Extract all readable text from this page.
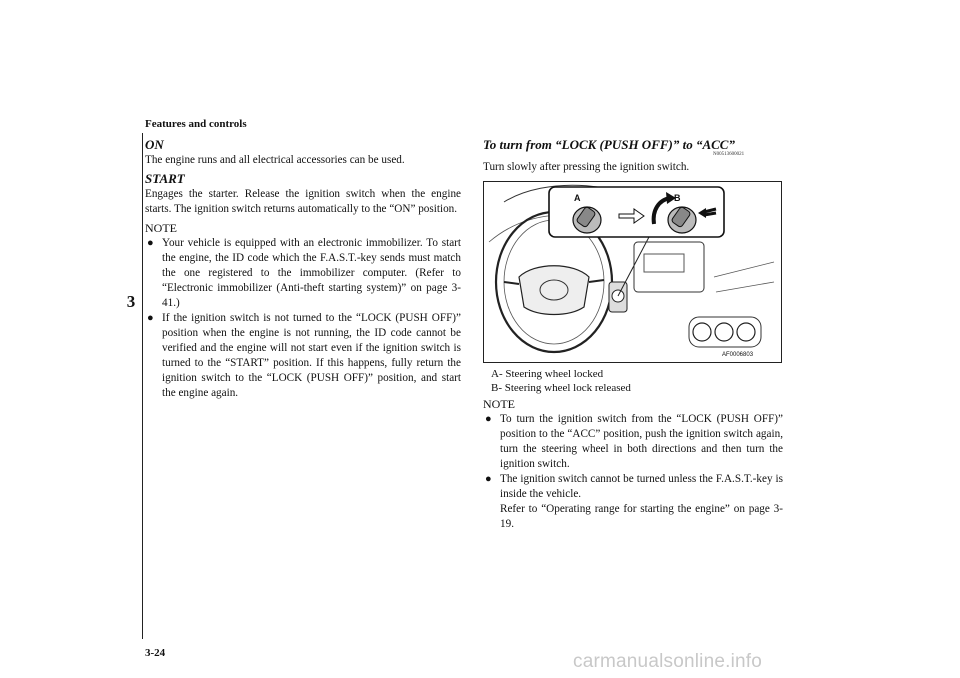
Features and controls
3
ON
The engine runs and all electrical accessories can be used.
START
Engages the starter. Release the ignition switch when the engine starts. The ignition switch returns automatically to the “ON” position.
NOTE
● Your vehicle is equipped with an electronic immobilizer. To start the engine, the ID code which the F.A.S.T.-key sends must match the one registered to the immobilizer computer. (Refer to “Electronic immobilizer (Anti-theft starting system)” on page 3-41.)
● If the ignition switch is not turned to the “LOCK (PUSH OFF)” position when the engine is not running, the ID code cannot be verified and the engine will not start even if the ignition switch is turned to the “START” position. If this happens, fully return the ignition switch to the “LOCK (PUSH OFF)” position, and start the engine again.
To turn from “LOCK (PUSH OFF)” to “ACC”
N00513600021
Turn slowly after pressing the ignition switch.
A	B
AF0006803
A- Steering wheel locked
B- Steering wheel lock released
NOTE
● To turn the ignition switch from the “LOCK (PUSH OFF)” position to the “ACC” position, push the ignition switch again, turn the steering wheel in both directions and then turn the ignition switch.
● The ignition switch cannot be turned unless the F.A.S.T.-key is inside the vehicle.
Refer to “Operating range for starting the engine” on page 3-19.
3-24	carmanualsonline.info
